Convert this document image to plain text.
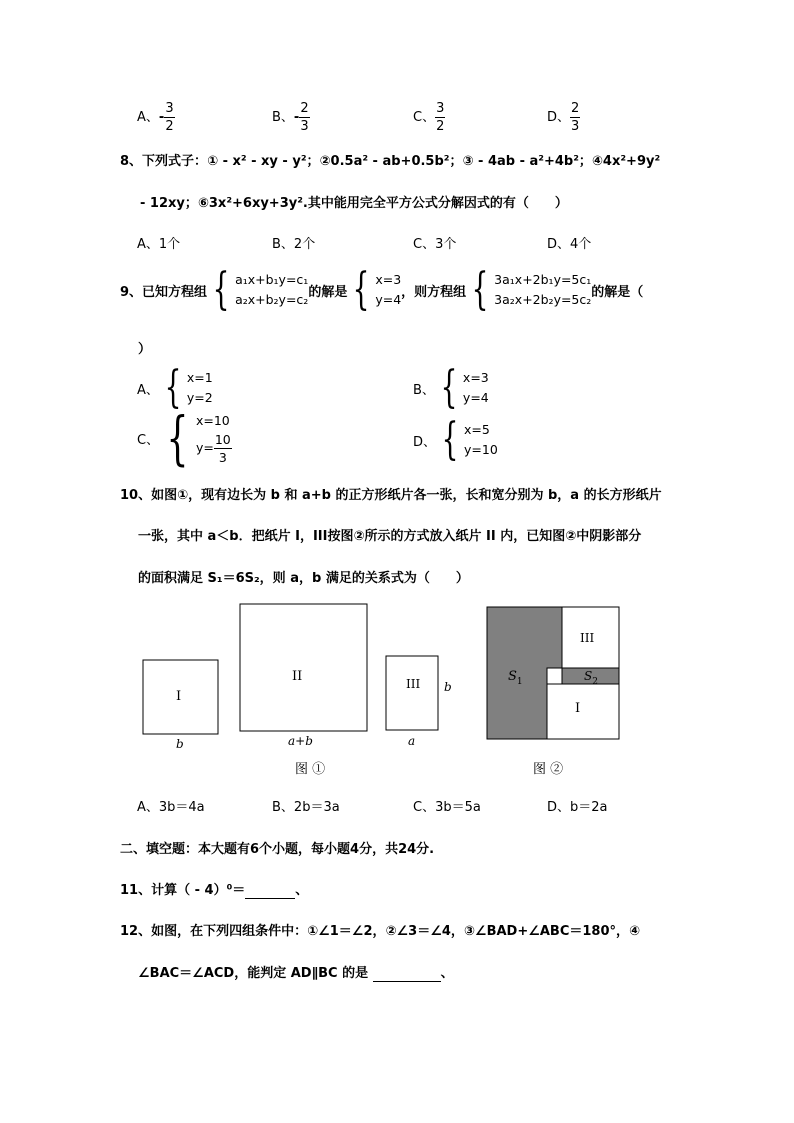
A、- $\frac{3}{2}$	B、- $\frac{2}{3}$	C、 $\frac{3}{2}$	D、 $\frac{2}{3}$
8、下列式子：① - x² - xy - y²；②0.5a² - ab+0.5b²；③ - 4ab - a²+4b²；④4x²+9y²
- 12xy；⑥3x²+6xy+3y².其中能用完全平方公式分解因式的有（　　）
A、1个	B、2个	C、3个	D、4个
9、 已知方程组 { a₁x+b₁y=c₁
a₂x+b₂y=c₂ 的解是 { x=3
y=4 ，则方程组 { 3a₁x+2b₁y=5c₁
3a₂x+2b₂y=5c₂ 的解是（
）
A、 { x=1
y=2	B、 { x=3
y=4
C、 { x=10
$y= \frac{10}{3}$	D、 { x=5
y=10
10、如图①，现有边长为 b 和 a+b 的正方形纸片各一张，长和宽分别为 b，a 的长方形纸片
一张，其中 a＜b．把纸片 I，III按图②所示的方式放入纸片 II 内，已知图②中阴影部分
的面积满足 S₁＝6S₂，则 a，b 满足的关系式为（　　）
I
b
II
a+b
III
a
b
图 ①
III
I
$S_1$	$S_2$
图 ②
A、3b＝4a	B、2b＝3a	C、3b＝5a	D、b＝2a
二、填空题：本大题有6个小题，每小题4分，共24分.
11、计算（ - 4）⁰＝	、
12、如图，在下列四组条件中：①∠1＝∠2，②∠3＝∠4，③∠BAD+∠ABC＝180°，④
∠BAC＝∠ACD，能判定 AD∥BC 的是	、
